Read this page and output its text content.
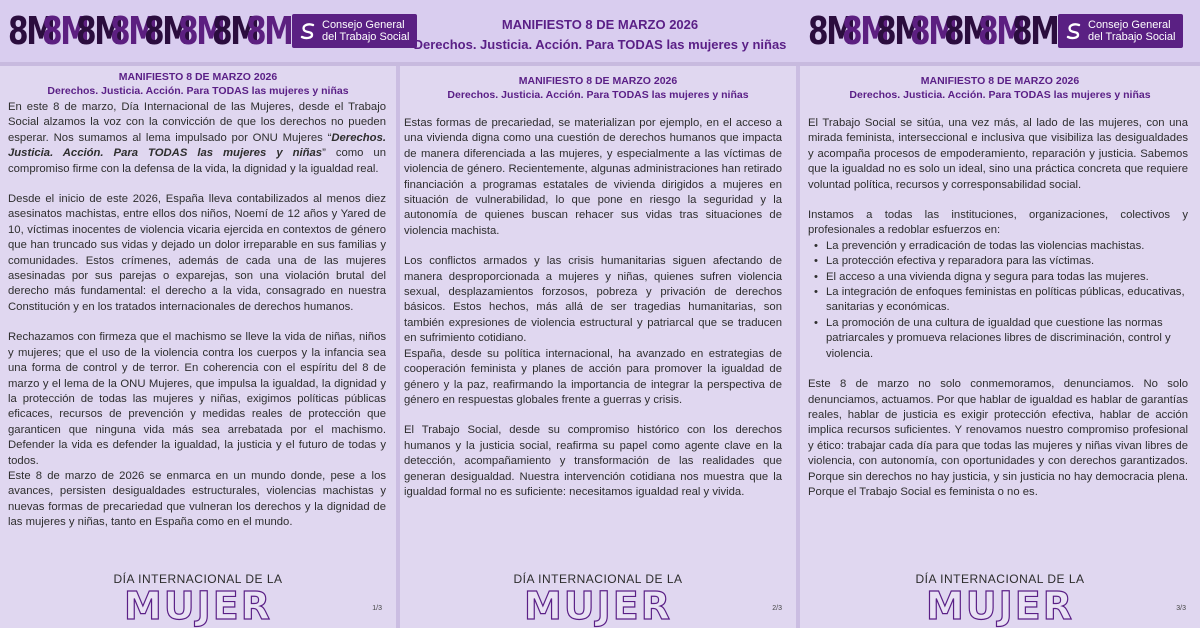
8M
8M
8M
8M
8M
8M
8M
8M	Consejo General
del Trabajo Social
MANIFIESTO 8 DE MARZO 2026
Derechos. Justicia. Acción. Para TODAS las mujeres y niñas 8M
8M
8M
8M
8M
8M
8M	Consejo General
del Trabajo Social
MANIFIESTO 8 DE MARZO 2026
Derechos. Justicia. Acción. Para TODAS las mujeres y niñas

En este 8 de marzo, Día Internacional de las Mujeres, desde el Trabajo Social alzamos la voz con la convicción de que los derechos no pueden esperar. Nos sumamos al lema impulsado por ONU Mujeres “Derechos. Justicia. Acción. Para TODAS las mujeres y niñas” como un compromiso firme con la defensa de la vida, la dignidad y la igualdad real.

Desde el inicio de este 2026, España lleva contabilizados al menos diez asesinatos machistas, entre ellos dos niños, Noemí de 12 años y Yared de 10, víctimas inocentes de violencia vicaria ejercida en contextos de género que han truncado sus vidas y dejado un dolor irreparable en sus familias y comunidades. Estos crímenes, además de cada una de las mujeres asesinadas por sus parejas o exparejas, son una violación brutal del derecho más fundamental: el derecho a la vida, consagrado en nuestra Constitución y en los tratados internacionales de derechos humanos.

Rechazamos con firmeza que el machismo se lleve la vida de niñas, niños y mujeres; que el uso de la violencia contra los cuerpos y la infancia sea una forma de control y de terror. En coherencia con el espíritu del 8 de marzo y el lema de la ONU Mujeres, que impulsa la igualdad, la dignidad y la protección de todas las mujeres y niñas, exigimos políticas públicas eficaces, recursos de prevención y medidas reales de protección que garanticen que ninguna vida más sea arrebatada por el machismo. Defender la vida es defender la igualdad, la justicia y el futuro de todas y todos.

Este 8 de marzo de 2026 se enmarca en un mundo donde, pese a los avances, persisten desigualdades estructurales, violencias machistas y nuevas formas de precariedad que vulneran los derechos y la dignidad de las mujeres y niñas, tanto en España como en el mundo.

DÍA INTERNACIONAL DE LA
MUJER	1/3
MANIFIESTO 8 DE MARZO 2026
Derechos. Justicia. Acción. Para TODAS las mujeres y niñas

Estas formas de precariedad, se materializan por ejemplo, en el acceso a una vivienda digna como una cuestión de derechos humanos que impacta de manera diferenciada a las mujeres, y especialmente a las víctimas de violencia de género. Recientemente, algunas administraciones han retirado financiación a programas estatales de vivienda dirigidos a mujeres en situación de vulnerabilidad, lo que pone en riesgo la seguridad y la autonomía de quienes buscan rehacer sus vidas tras situaciones de violencia machista.

Los conflictos armados y las crisis humanitarias siguen afectando de manera desproporcionada a mujeres y niñas, quienes sufren violencia sexual, desplazamientos forzosos, pobreza y privación de derechos básicos. Estos hechos, más allá de ser tragedias humanitarias, son también expresiones de violencia estructural y patriarcal que se traducen en sufrimiento cotidiano.

España, desde su política internacional, ha avanzado en estrategias de cooperación feminista y planes de acción para promover la igualdad de género y la paz, reafirmando la importancia de integrar la perspectiva de género en respuestas globales frente a guerras y crisis.

El Trabajo Social, desde su compromiso histórico con los derechos humanos y la justicia social, reafirma su papel como agente clave en la detección, acompañamiento y transformación de las realidades que generan desigualdad. Nuestra intervención cotidiana nos muestra que la igualdad formal no es suficiente: necesitamos igualdad real y vivida.

DÍA INTERNACIONAL DE LA
MUJER	2/3
MANIFIESTO 8 DE MARZO 2026
Derechos. Justicia. Acción. Para TODAS las mujeres y niñas

El Trabajo Social se sitúa, una vez más, al lado de las mujeres, con una mirada feminista, interseccional e inclusiva que visibiliza las desigualdades y acompaña procesos de empoderamiento, reparación y justicia. Sabemos que la igualdad no es solo un ideal, sino una práctica concreta que requiere voluntad política, recursos y corresponsabilidad social.

Instamos a todas las instituciones, organizaciones, colectivos y profesionales a redoblar esfuerzos en:

• La prevención y erradicación de todas las violencias machistas.
• La protección efectiva y reparadora para las víctimas.
• El acceso a una vivienda digna y segura para todas las mujeres.
• La integración de enfoques feministas en políticas públicas, educativas, sanitarias y económicas.
• La promoción de una cultura de igualdad que cuestione las normas patriarcales y promueva relaciones libres de discriminación, control y violencia.

Este 8 de marzo no solo conmemoramos, denunciamos. No solo denunciamos, actuamos. Por que hablar de igualdad es hablar de garantías reales, hablar de justicia es exigir protección efectiva, hablar de acción implica recursos suficientes. Y renovamos nuestro compromiso profesional y ético: trabajar cada día para que todas las mujeres y niñas vivan libres de violencia, con autonomía, con oportunidades y con derechos garantizados. Porque sin derechos no hay justicia, y sin justicia no hay democracia plena. Porque el Trabajo Social es feminista o no es.

DÍA INTERNACIONAL DE LA
MUJER	3/3
